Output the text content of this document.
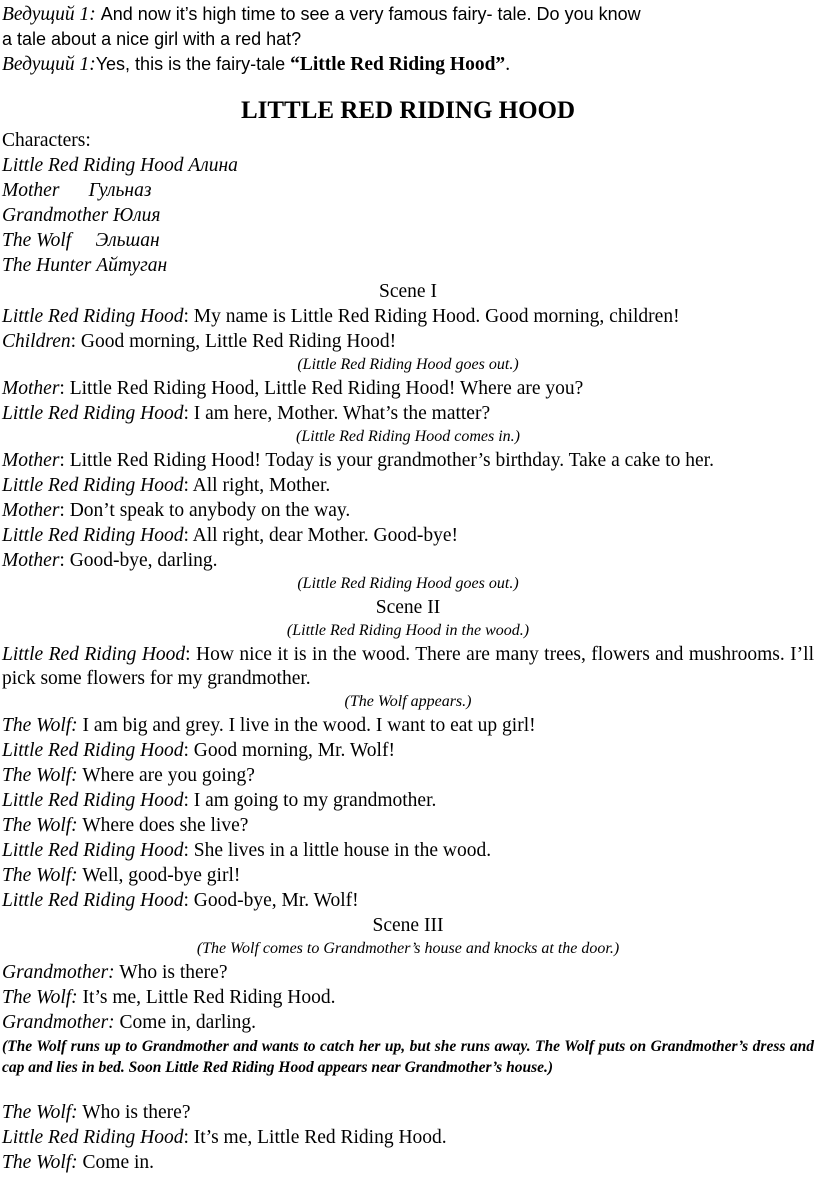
Ведущий 1: And now it’s high time to see a very famous fairy- tale. Do you know
a tale about a nice girl with a red hat?
Ведущий 1:Yes, this is the fairy-tale “Little Red Riding Hood”.
LITTLE RED RIDING HOOD
Characters:
Little Red Riding Hood Алина
Mother      Гульназ
Grandmother Юлия
The Wolf     Эльшан
The Hunter Айтуган
Scene I
Little Red Riding Hood: My name is Little Red Riding Hood. Good morning, children!
Children: Good morning, Little Red Riding Hood!
(Little Red Riding Hood goes out.)
Mother: Little Red Riding Hood, Little Red Riding Hood! Where are you?
Little Red Riding Hood: I am here, Mother. What’s the matter?
(Little Red Riding Hood comes in.)
Mother: Little Red Riding Hood! Today is your grandmother’s birthday. Take a cake to her.
Little Red Riding Hood: All right, Mother.
Mother: Don’t speak to anybody on the way.
Little Red Riding Hood: All right, dear Mother. Good-bye!
Mother: Good-bye, darling.
(Little Red Riding Hood goes out.)
Scene II
(Little Red Riding Hood in the wood.)
Little Red Riding Hood: How nice it is in the wood. There are many trees, flowers and mushrooms. I’ll pick some flowers for my grandmother.
(The Wolf appears.)
The Wolf: I am big and grey. I live in the wood. I want to eat up girl!
Little Red Riding Hood: Good morning, Mr. Wolf!
The Wolf: Where are you going?
Little Red Riding Hood: I am going to my grandmother.
The Wolf: Where does she live?
Little Red Riding Hood: She lives in a little house in the wood.
The Wolf: Well, good-bye girl!
Little Red Riding Hood: Good-bye, Mr. Wolf!
Scene III
(The Wolf comes to Grandmother’s house and knocks at the door.)
Grandmother: Who is there?
The Wolf: It’s me, Little Red Riding Hood.
Grandmother: Come in, darling.
(The Wolf runs up to Grandmother and wants to catch her up, but she runs away. The Wolf puts on Grandmother’s dress and cap and lies in bed. Soon Little Red Riding Hood appears near Grandmother’s house.)
The Wolf: Who is there?
Little Red Riding Hood: It’s me, Little Red Riding Hood.
The Wolf: Come in.
